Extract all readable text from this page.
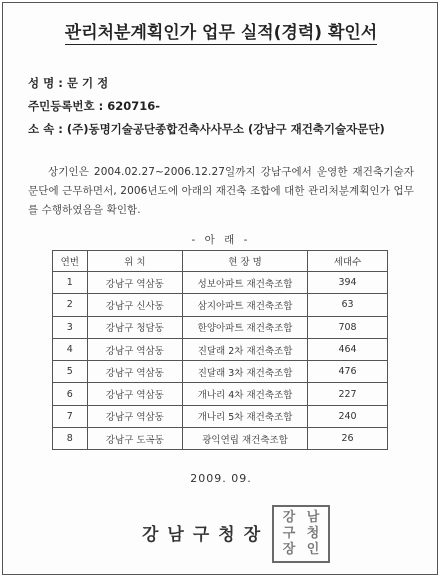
관리처분계획인가 업무 실적(경력) 확인서
성 명 : 문 기 정
주민등록번호 : 620716-
소 속 : (주)동명기술공단종합건축사사무소 (강남구 재건축기술자문단)
상기인은 2004.02.27~2006.12.27일까지 강남구에서 운영한 재건축기술자문단에 근무하면서, 2006년도에 아래의 재건축 조합에 대한 관리처분계획인가 업무를 수행하였음을 확인함.
- 아 래 -
연번	위 치	현 장 명	세대수
1	강남구 역삼동	성보아파트 재건축조합	394
2	강남구 신사동	삼지아파트 재건축조합	63
3	강남구 청담동	한양아파트 재건축조합	708
4	강남구 역삼동	진달래 2차 재건축조합	464
5	강남구 역삼동	진달래 3차 재건축조합	476
6	강남구 역삼동	개나리 4차 재건축조합	227
7	강남구 역삼동	개나리 5차 재건축조합	240
8	강남구 도곡동	광익연립 재건축조합	26
2009. 09.
강남구청장
강 남
구 청
장 인
